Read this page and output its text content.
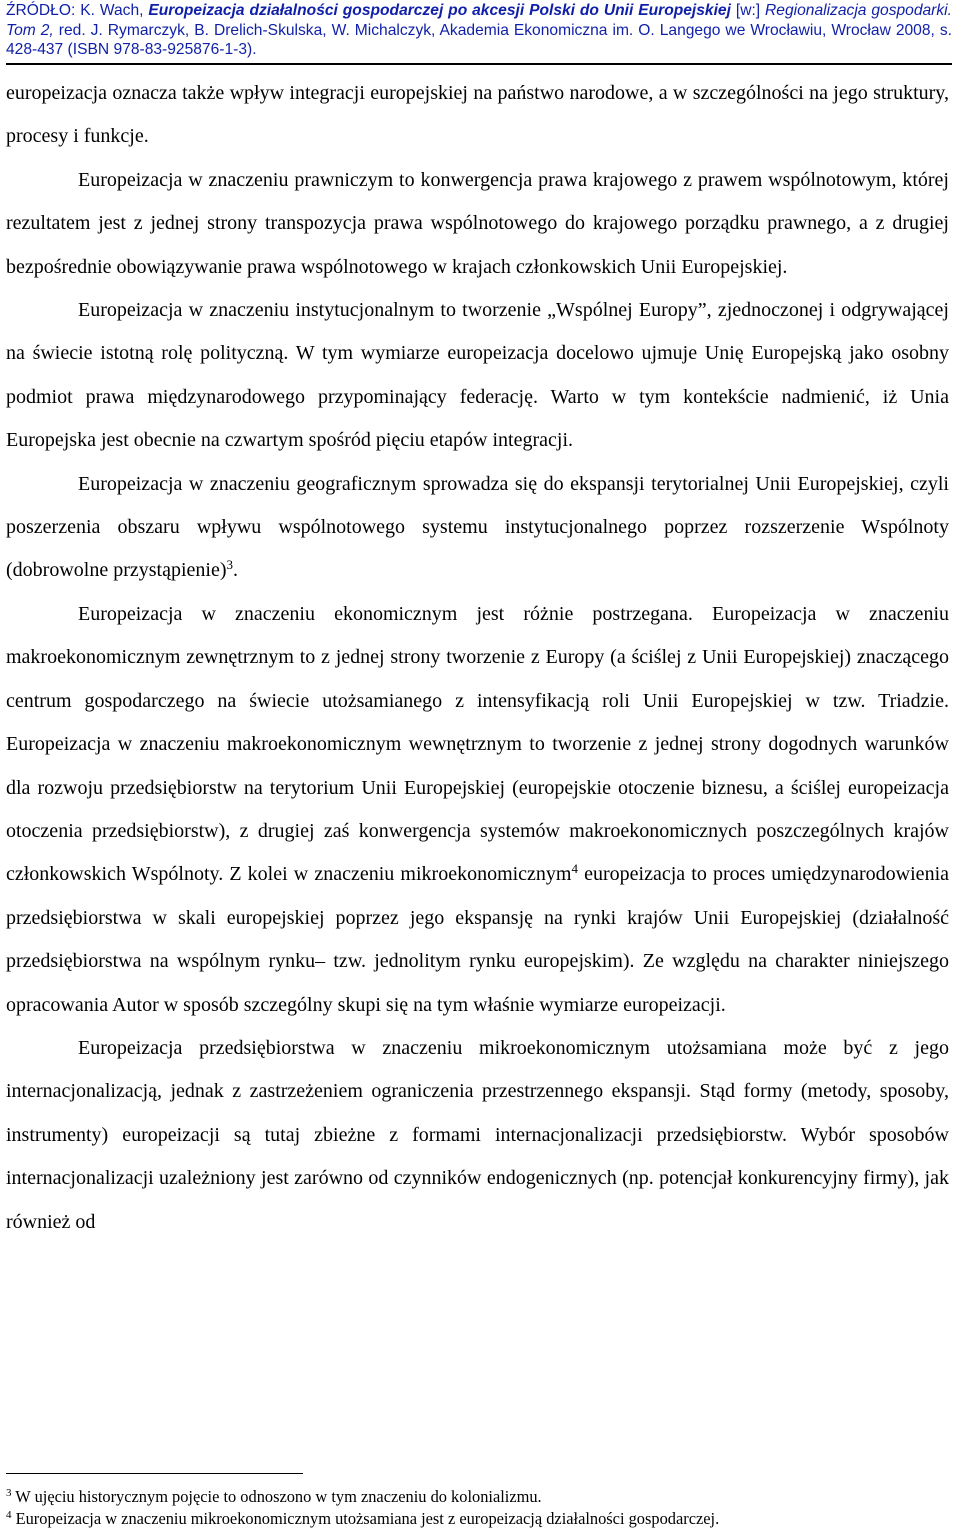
ŹRÓDŁO: K. Wach, Europeizacja działalności gospodarczej po akcesji Polski do Unii Europejskiej [w:] Regionalizacja gospodarki. Tom 2, red. J. Rymarczyk, B. Drelich-Skulska, W. Michalczyk, Akademia Ekonomiczna im. O. Langego we Wrocławiu, Wrocław 2008, s. 428-437 (ISBN 978-83-925876-1-3).

europeizacja oznacza także wpływ integracji europejskiej na państwo narodowe, a w szczególności na jego struktury, procesy i funkcje.

Europeizacja w znaczeniu prawniczym to konwergencja prawa krajowego z prawem wspólnotowym, której rezultatem jest z jednej strony transpozycja prawa wspólnotowego do krajowego porządku prawnego, a z drugiej bezpośrednie obowiązywanie prawa wspólnotowego w krajach członkowskich Unii Europejskiej.

Europeizacja w znaczeniu instytucjonalnym to tworzenie „Wspólnej Europy”, zjednoczonej i odgrywającej na świecie istotną rolę polityczną. W tym wymiarze europeizacja docelowo ujmuje Unię Europejską jako osobny podmiot prawa międzynarodowego przypominający federację. Warto w tym kontekście nadmienić, iż Unia Europejska jest obecnie na czwartym spośród pięciu etapów integracji.

Europeizacja w znaczeniu geograficznym sprowadza się do ekspansji terytorialnej Unii Europejskiej, czyli poszerzenia obszaru wpływu wspólnotowego systemu instytucjonalnego poprzez rozszerzenie Wspólnoty (dobrowolne przystąpienie)$^3$.

Europeizacja w znaczeniu ekonomicznym jest różnie postrzegana. Europeizacja w znaczeniu makroekonomicznym zewnętrznym to z jednej strony tworzenie z Europy (a ściślej z Unii Europejskiej) znaczącego centrum gospodarczego na świecie utożsamianego z intensyfikacją roli Unii Europejskiej w tzw. Triadzie. Europeizacja w znaczeniu makroekonomicznym wewnętrznym to tworzenie z jednej strony dogodnych warunków dla rozwoju przedsiębiorstw na terytorium Unii Europejskiej (europejskie otoczenie biznesu, a ściślej europeizacja otoczenia przedsiębiorstw), z drugiej zaś konwergencja systemów makroekonomicznych poszczególnych krajów członkowskich Wspólnoty. Z kolei w znaczeniu mikroekonomicznym$^4$ europeizacja to proces umiędzynarodowienia przedsiębiorstwa w skali europejskiej poprzez jego ekspansję na rynki krajów Unii Europejskiej (działalność przedsiębiorstwa na wspólnym rynku– tzw. jednolitym rynku europejskim). Ze względu na charakter niniejszego opracowania Autor w sposób szczególny skupi się na tym właśnie wymiarze europeizacji.

Europeizacja przedsiębiorstwa w znaczeniu mikroekonomicznym utożsamiana może być z jego internacjonalizacją, jednak z zastrzeżeniem ograniczenia przestrzennego ekspansji. Stąd formy (metody, sposoby, instrumenty) europeizacji są tutaj zbieżne z formami internacjonalizacji przedsiębiorstw. Wybór sposobów internacjonalizacji uzależniony jest zarówno od czynników endogenicznych (np. potencjał konkurencyjny firmy), jak również od

$^3$ W ujęciu historycznym pojęcie to odnoszono w tym znaczeniu do kolonializmu.

$^4$ Europeizacja w znaczeniu mikroekonomicznym utożsamiana jest z europeizacją działalności gospodarczej.
